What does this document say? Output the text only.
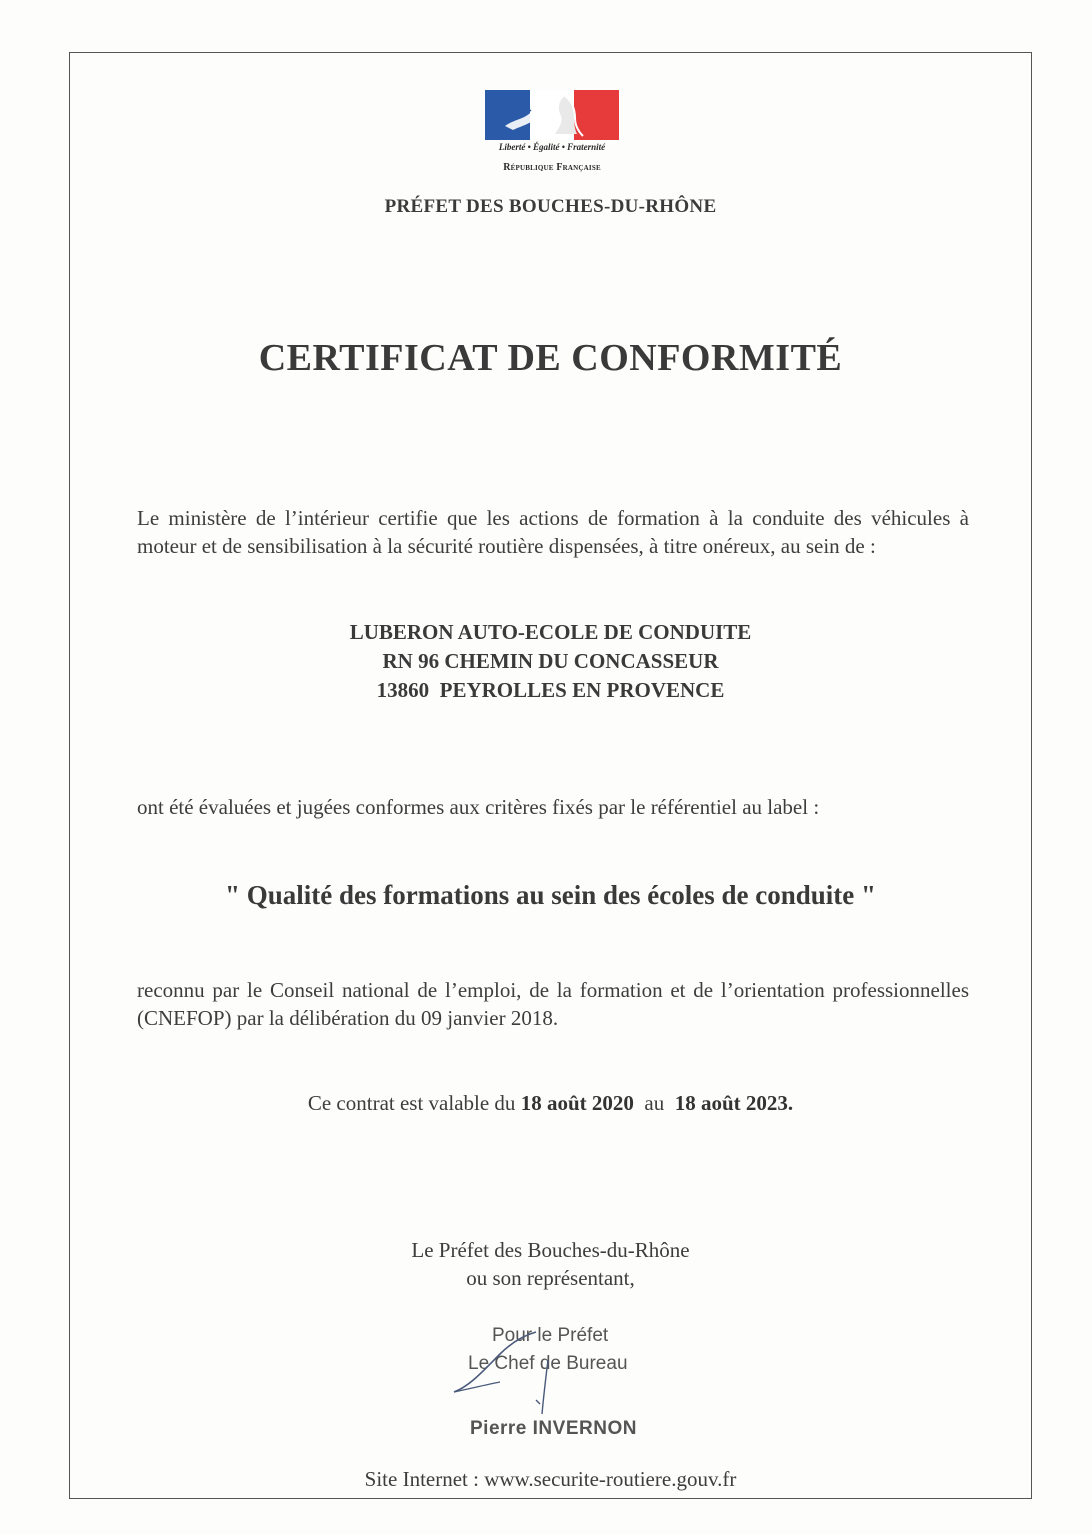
Liberté • Égalité • Fraternité
République Française
PRÉFET DES BOUCHES-DU-RHÔNE
CERTIFICAT DE CONFORMITÉ
Le ministère de l’intérieur certifie que les actions de formation à la conduite des véhicules à moteur et de sensibilisation à la sécurité routière dispensées, à titre onéreux, au sein de :
LUBERON AUTO-ECOLE DE CONDUITE
RN 96 CHEMIN DU CONCASSEUR
13860  PEYROLLES EN PROVENCE
ont été évaluées et jugées conformes aux critères fixés par le référentiel au label :
" Qualité des formations au sein des écoles de conduite "
reconnu par le Conseil national de l’emploi, de la formation et de l’orientation professionnelles (CNEFOP) par la délibération du 09 janvier 2018.
Ce contrat est valable du 18 août 2020  au  18 août 2023.
Le Préfet des Bouches-du-Rhône
ou son représentant,
Pour le Préfet
Le Chef de Bureau
Pierre INVERNON
Site Internet : www.securite-routiere.gouv.fr
